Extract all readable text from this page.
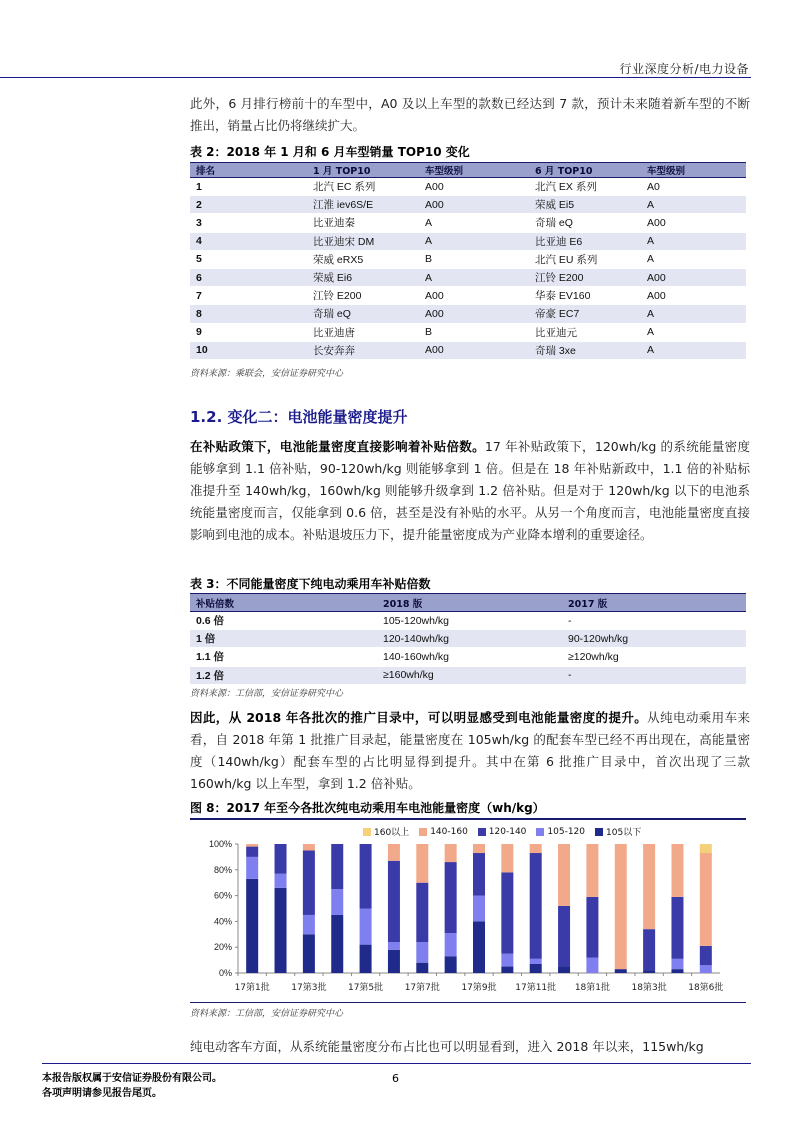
行业深度分析/电力设备
此外，6 月排行榜前十的车型中，A0 及以上车型的款数已经达到 7 款，预计未来随着新车型的不断推出，销量占比仍将继续扩大。
表 2：2018 年 1 月和 6 月车型销量 TOP10 变化
排名	1 月 TOP10	车型级别	6 月 TOP10	车型级别
1	北汽 EC 系列	A00	北汽 EX 系列	A0
2	江淮 iev6S/E	A00	荣威 Ei5	A
3	比亚迪秦	A	奇瑞 eQ	A00
4	比亚迪宋 DM	A	比亚迪 E6	A
5	荣威 eRX5	B	北汽 EU 系列	A
6	荣威 Ei6	A	江铃 E200	A00
7	江铃 E200	A00	华泰 EV160	A00
8	奇瑞 eQ	A00	帝豪 EC7	A
9	比亚迪唐	B	比亚迪元	A
10	长安奔奔	A00	奇瑞 3xe	A
资料来源：乘联会，安信证券研究中心
1.2. 变化二：电池能量密度提升
在补贴政策下，电池能量密度直接影响着补贴倍数。17 年补贴政策下，120wh/kg 的系统能量密度能够拿到 1.1 倍补贴，90-120wh/kg 则能够拿到 1 倍。但是在 18 年补贴新政中，1.1 倍的补贴标准提升至 140wh/kg，160wh/kg 则能够升级拿到 1.2 倍补贴。但是对于 120wh/kg 以下的电池系统能量密度而言，仅能拿到 0.6 倍，甚至是没有补贴的水平。从另一个角度而言，电池能量密度直接影响到电池的成本。补贴退坡压力下，提升能量密度成为产业降本增利的重要途径。
表 3：不同能量密度下纯电动乘用车补贴倍数
补贴倍数	2018 版	2017 版
0.6 倍	105-120wh/kg	-
1 倍	120-140wh/kg	90-120wh/kg
1.1 倍	140-160wh/kg	≥120wh/kg
1.2 倍	≥160wh/kg	-
资料来源：工信部，安信证券研究中心
因此，从 2018 年各批次的推广目录中，可以明显感受到电池能量密度的提升。从纯电动乘用车来看，自 2018 年第 1 批推广目录起，能量密度在 105wh/kg 的配套车型已经不再出现在，高能量密度（140wh/kg）配套车型的占比明显得到提升。其中在第 6 批推广目录中，首次出现了三款 160wh/kg 以上车型，拿到 1.2 倍补贴。
图 8：2017 年至今各批次纯电动乘用车电池能量密度（wh/kg）
160以上 140-160 120-140 105-120 105以下
0%
20%
40%
60%
80%
100%
17第1批 17第3批 17第5批 17第7批 17第9批 17第11批 18第1批 18第3批 18第6批
资料来源：工信部，安信证券研究中心
纯电动客车方面，从系统能量密度分布占比也可以明显看到，进入 2018 年以来，115wh/kg
本报告版权属于安信证券股份有限公司。
各项声明请参见报告尾页。
6
